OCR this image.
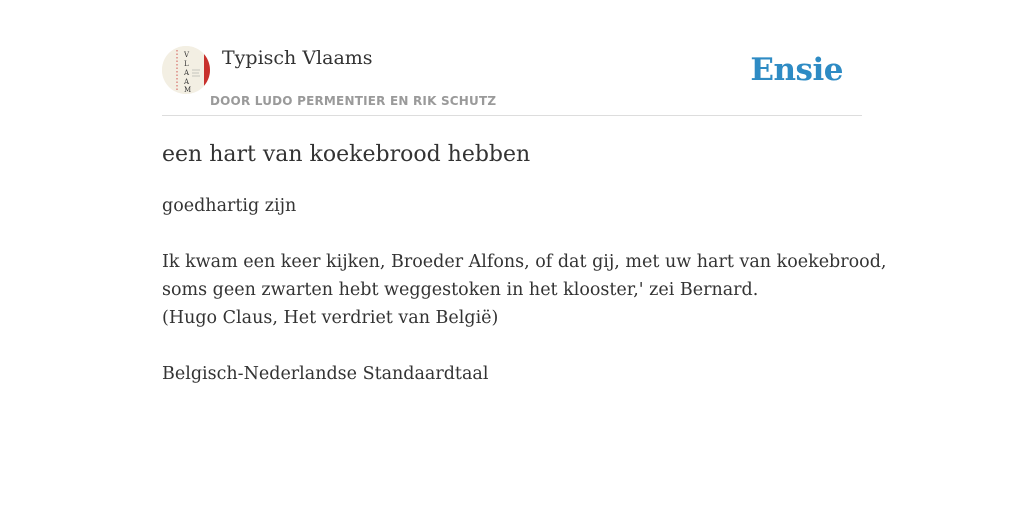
V
L
A
A
M
Typisch Vlaams
DOOR LUDO PERMENTIER EN RIK SCHUTZ
Ensie
een hart van koekebrood hebben

goedhartig zijn

Ik kwam een keer kijken, Broeder Alfons, of dat gij, met uw hart van koekebrood,

soms geen zwarten hebt weggestoken in het klooster,' zei Bernard.

(Hugo Claus, Het verdriet van België)

Belgisch-Nederlandse Standaardtaal
